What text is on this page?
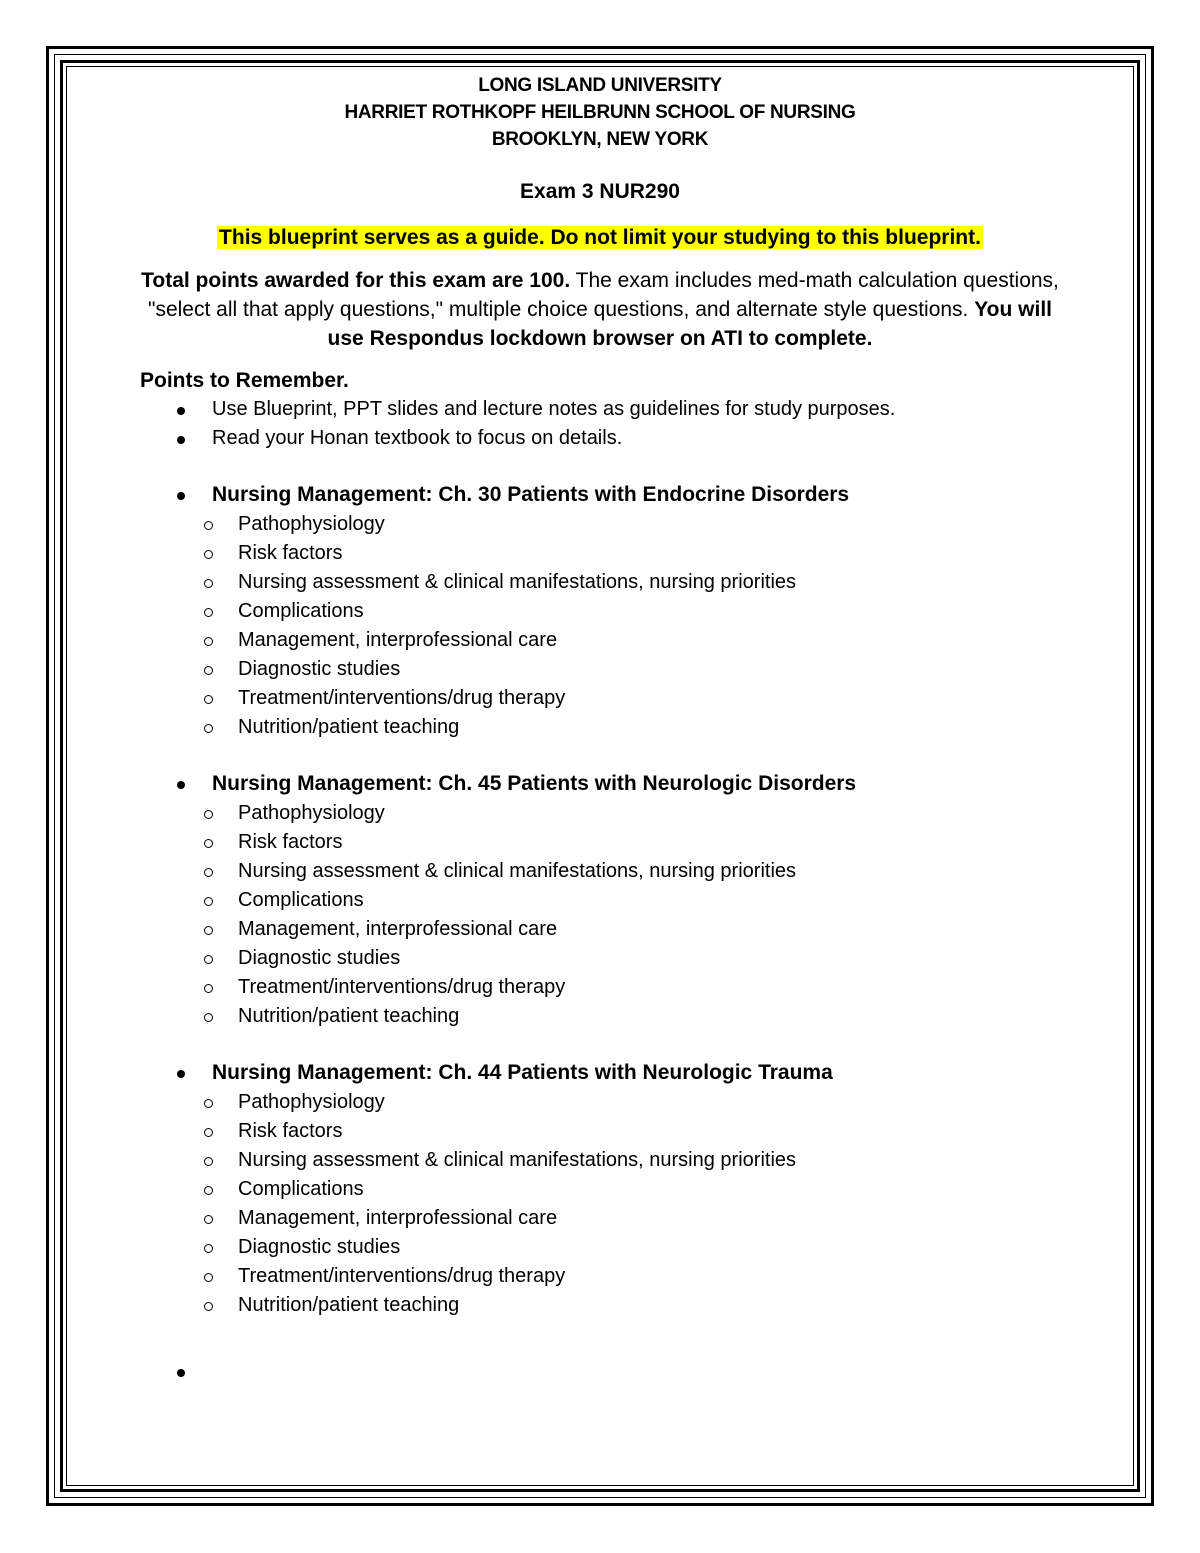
LONG ISLAND UNIVERSITY
HARRIET ROTHKOPF HEILBRUNN SCHOOL OF NURSING
BROOKLYN, NEW YORK
Exam 3 NUR290
This blueprint serves as a guide. Do not limit your studying to this blueprint.
Total points awarded for this exam are 100. The exam includes med-math calculation questions, "select all that apply questions," multiple choice questions, and alternate style questions. You will use Respondus lockdown browser on ATI to complete.
Points to Remember.
Use Blueprint, PPT slides and lecture notes as guidelines for study purposes.
Read your Honan textbook to focus on details.
Nursing Management: Ch. 30 Patients with Endocrine Disorders
Pathophysiology
Risk factors
Nursing assessment & clinical manifestations, nursing priorities
Complications
Management, interprofessional care
Diagnostic studies
Treatment/interventions/drug therapy
Nutrition/patient teaching
Nursing Management: Ch. 45 Patients with Neurologic Disorders
Pathophysiology
Risk factors
Nursing assessment & clinical manifestations, nursing priorities
Complications
Management, interprofessional care
Diagnostic studies
Treatment/interventions/drug therapy
Nutrition/patient teaching
Nursing Management: Ch. 44 Patients with Neurologic Trauma
Pathophysiology
Risk factors
Nursing assessment & clinical manifestations, nursing priorities
Complications
Management, interprofessional care
Diagnostic studies
Treatment/interventions/drug therapy
Nutrition/patient teaching
